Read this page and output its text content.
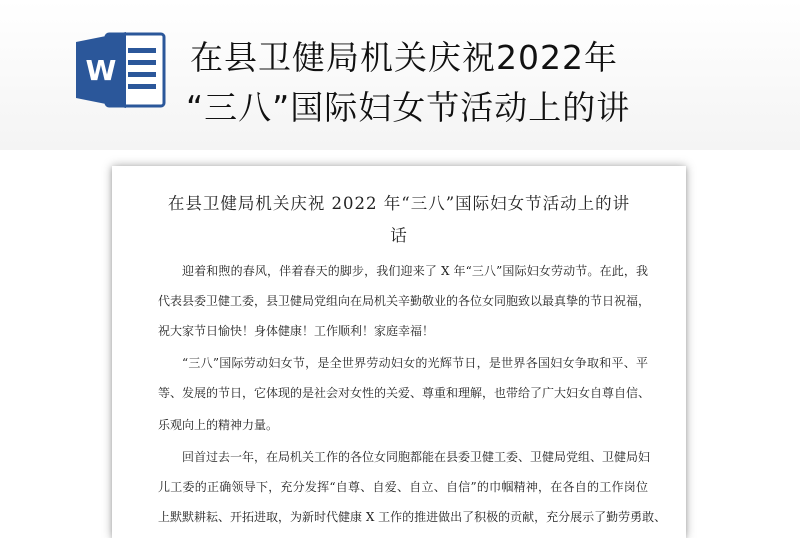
W 在县卫健局机关庆祝2022年
“三八”国际妇女节活动上的讲
在县卫健局机关庆祝 2022 年“三八”国际妇女节活动上的讲
话
迎着和煦的春风，伴着春天的脚步，我们迎来了 X 年“三八”国际妇女劳动节。在此，我
代表县委卫健工委，县卫健局党组向在局机关辛勤敬业的各位女同胞致以最真挚的节日祝福，
祝大家节日愉快！身体健康！工作顺利！家庭幸福！
“三八”国际劳动妇女节，是全世界劳动妇女的光辉节日，是世界各国妇女争取和平、平
等、发展的节日，它体现的是社会对女性的关爱、尊重和理解，也带给了广大妇女自尊自信、
乐观向上的精神力量。
回首过去一年，在局机关工作的各位女同胞都能在县委卫健工委、卫健局党组、卫健局妇
儿工委的正确领导下，充分发挥“自尊、自爱、自立、自信”的巾帼精神，在各自的工作岗位
上默默耕耘、开拓进取，为新时代健康 X 工作的推进做出了积极的贡献，充分展示了勤劳勇敢、
